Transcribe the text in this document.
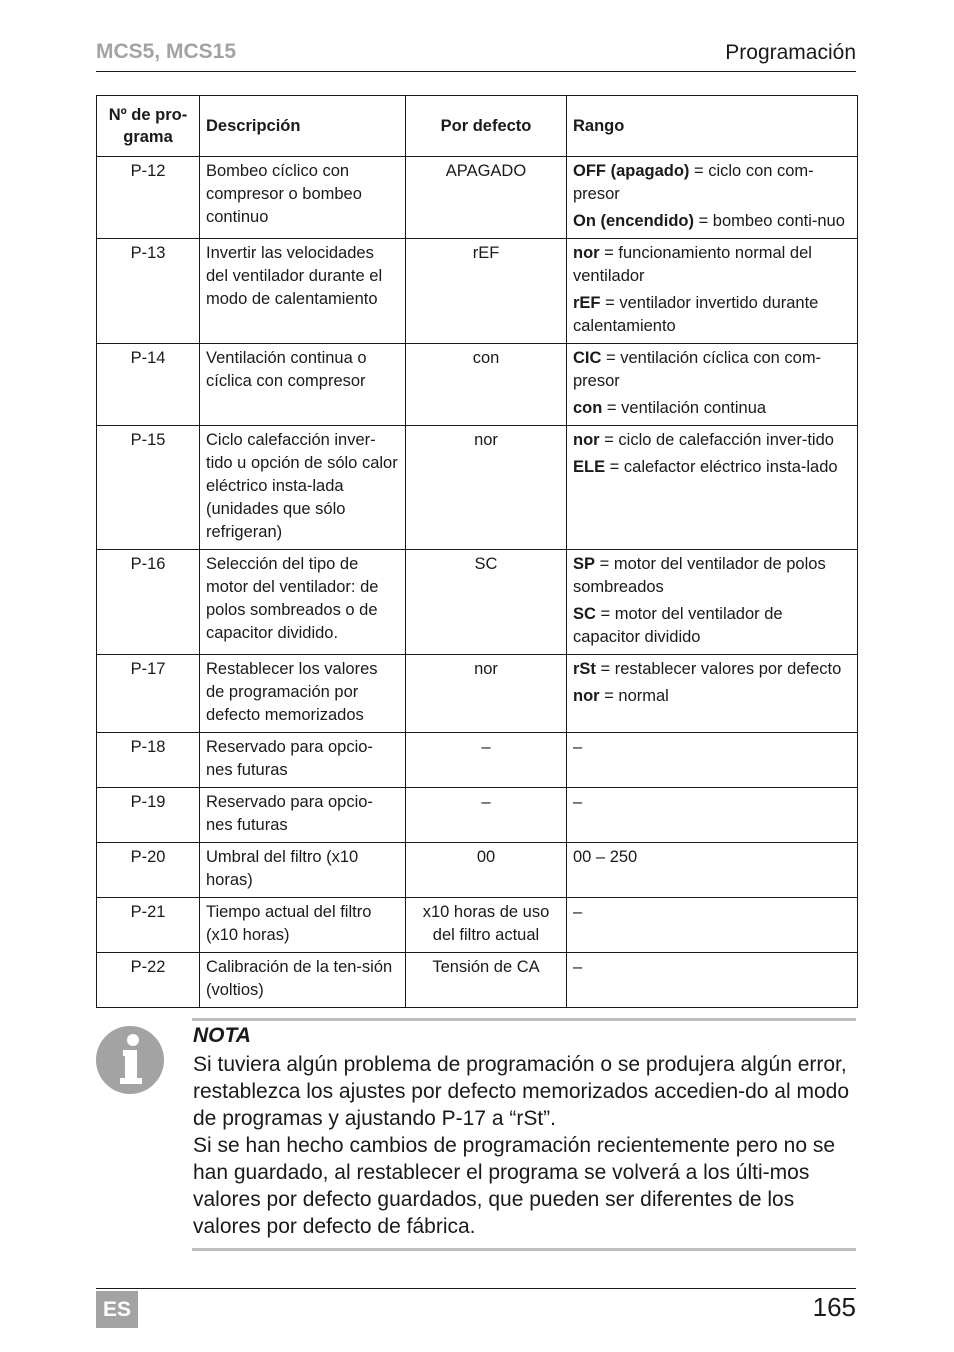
MCS5, MCS15	Programación
Nº de pro-
grama	Descripción	Por defecto	Rango
P-12	Bombeo cíclico con compresor o bombeo continuo	APAGADO	OFF (apagado) = ciclo con com-presor

On (encendido) = bombeo conti-nuo

P-13	Invertir las velocidades del ventilador durante el modo de calentamiento	rEF	nor = funcionamiento normal del ventilador

rEF = ventilador invertido durante calentamiento

P-14	Ventilación continua o cíclica con compresor	con	CIC = ventilación cíclica con com-presor

con = ventilación continua

P-15	Ciclo calefacción inver-tido u opción de sólo calor eléctrico insta-lada (unidades que sólo refrigeran)	nor	nor = ciclo de calefacción inver-tido

ELE = calefactor eléctrico insta-lado

P-16	Selección del tipo de motor del ventilador: de polos sombreados o de capacitor dividido.	SC	SP = motor del ventilador de polos sombreados

SC = motor del ventilador de capacitor dividido

P-17	Restablecer los valores de programación por defecto memorizados	nor	rSt = restablecer valores por defecto

nor = normal

P-18	Reservado para opcio-nes futuras	–	–

P-19	Reservado para opcio-nes futuras	–	–

P-20	Umbral del filtro (x10 horas)	00	00 – 250

P-21	Tiempo actual del filtro (x10 horas)	x10 horas de uso del filtro actual	–

P-22	Calibración de la ten-sión (voltios)	Tensión de CA	–

NOTA

Si tuviera algún problema de programación o se produjera algún error, restablezca los ajustes por defecto memorizados accedien-do al modo de programas y ajustando P-17 a “rSt”.

Si se han hecho cambios de programación recientemente pero no se han guardado, al restablecer el programa se volverá a los últi-mos valores por defecto guardados, que pueden ser diferentes de los valores por defecto de fábrica.

ES	165
